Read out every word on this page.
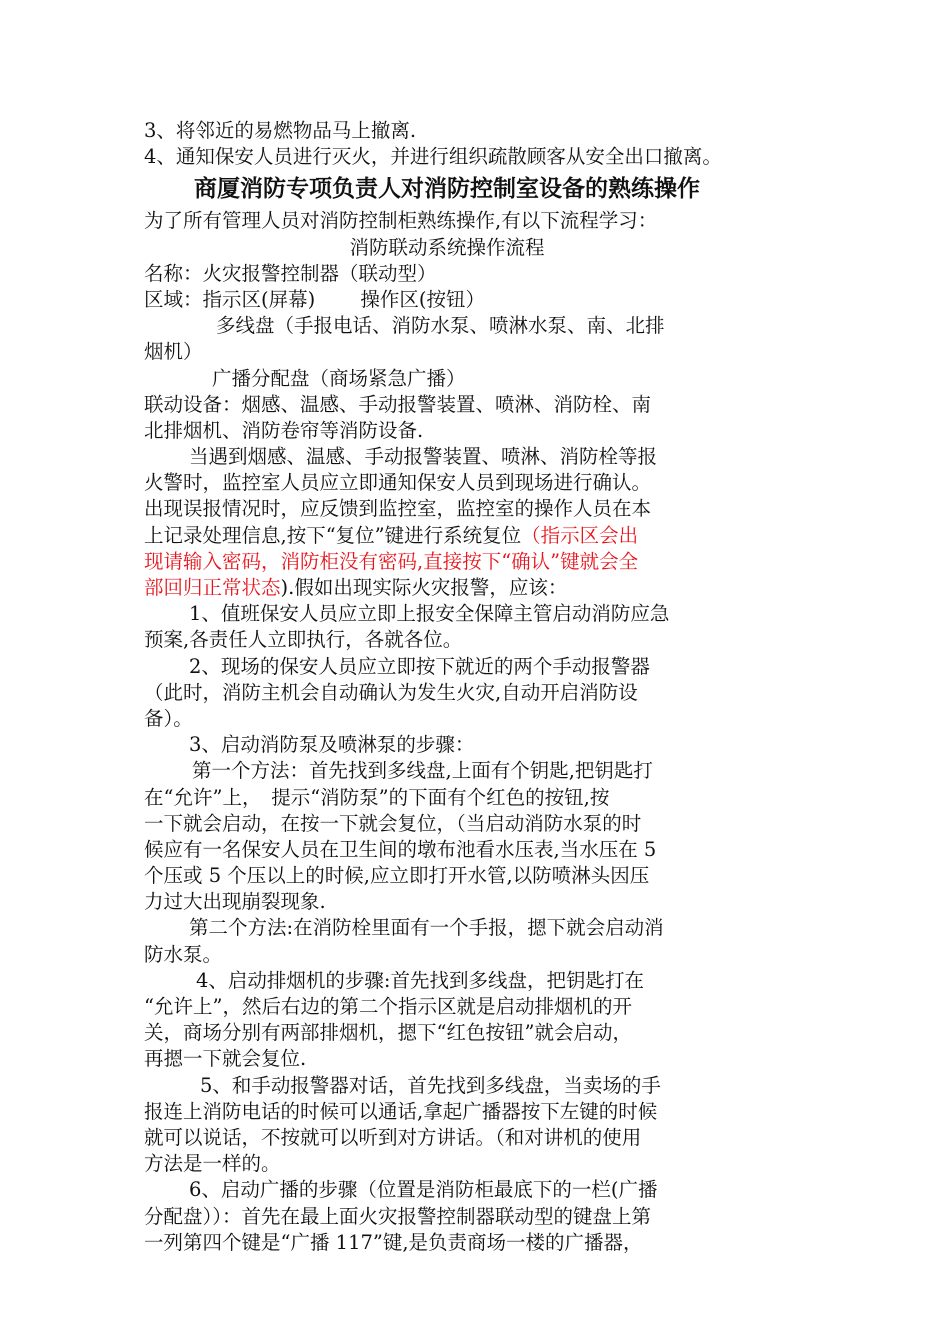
3、将邻近的易燃物品马上撤离.
4、通知保安人员进行灭火，并进行组织疏散顾客从安全出口撤离。
商厦消防专项负责人对消防控制室设备的熟练操作
为了所有管理人员对消防控制柜熟练操作,有以下流程学习：
消防联动系统操作流程
名称：火灾报警控制器（联动型）
区域：指示区(屏幕)　　 操作区(按钮）
多线盘（手报电话、消防水泵、喷淋水泵、南、北排
烟机）
广播分配盘（商场紧急广播）
联动设备：烟感、温感、手动报警装置、喷淋、消防栓、南
北排烟机、消防卷帘等消防设备.
当遇到烟感、温感、手动报警装置、喷淋、消防栓等报
火警时，监控室人员应立即通知保安人员到现场进行确认。
出现误报情况时，应反馈到监控室，监控室的操作人员在本
上记录处理信息,按下“复位”键进行系统复位（指示区会出
现请输入密码，消防柜没有密码,直接按下“确认”键就会全
部回归正常状态).假如出现实际火灾报警，应该：
1、值班保安人员应立即上报安全保障主管启动消防应急
预案,各责任人立即执行，各就各位。
2、现场的保安人员应立即按下就近的两个手动报警器
（此时，消防主机会自动确认为发生火灾,自动开启消防设
备）。
3、启动消防泵及喷淋泵的步骤：
第一个方法：首先找到多线盘,上面有个钥匙,把钥匙打
在“允许”上，　提示“消防泵”的下面有个红色的按钮,按
一下就会启动，在按一下就会复位，（当启动消防水泵的时
候应有一名保安人员在卫生间的墩布池看水压表,当水压在 5
个压或 5 个压以上的时候,应立即打开水管,以防喷淋头因压
力过大出现崩裂现象.
第二个方法:在消防栓里面有一个手报，摁下就会启动消
防水泵。
4、启动排烟机的步骤:首先找到多线盘，把钥匙打在
“允许上”，然后右边的第二个指示区就是启动排烟机的开
关，商场分别有两部排烟机，摁下“红色按钮”就会启动，
再摁一下就会复位.
5、和手动报警器对话，首先找到多线盘，当卖场的手
报连上消防电话的时候可以通话,拿起广播器按下左键的时候
就可以说话，不按就可以听到对方讲话。（和对讲机的使用
方法是一样的。
6、启动广播的步骤（位置是消防柜最底下的一栏(广播
分配盘））：首先在最上面火灾报警控制器联动型的键盘上第
一列第四个键是“广播 117”键,是负责商场一楼的广播器，
